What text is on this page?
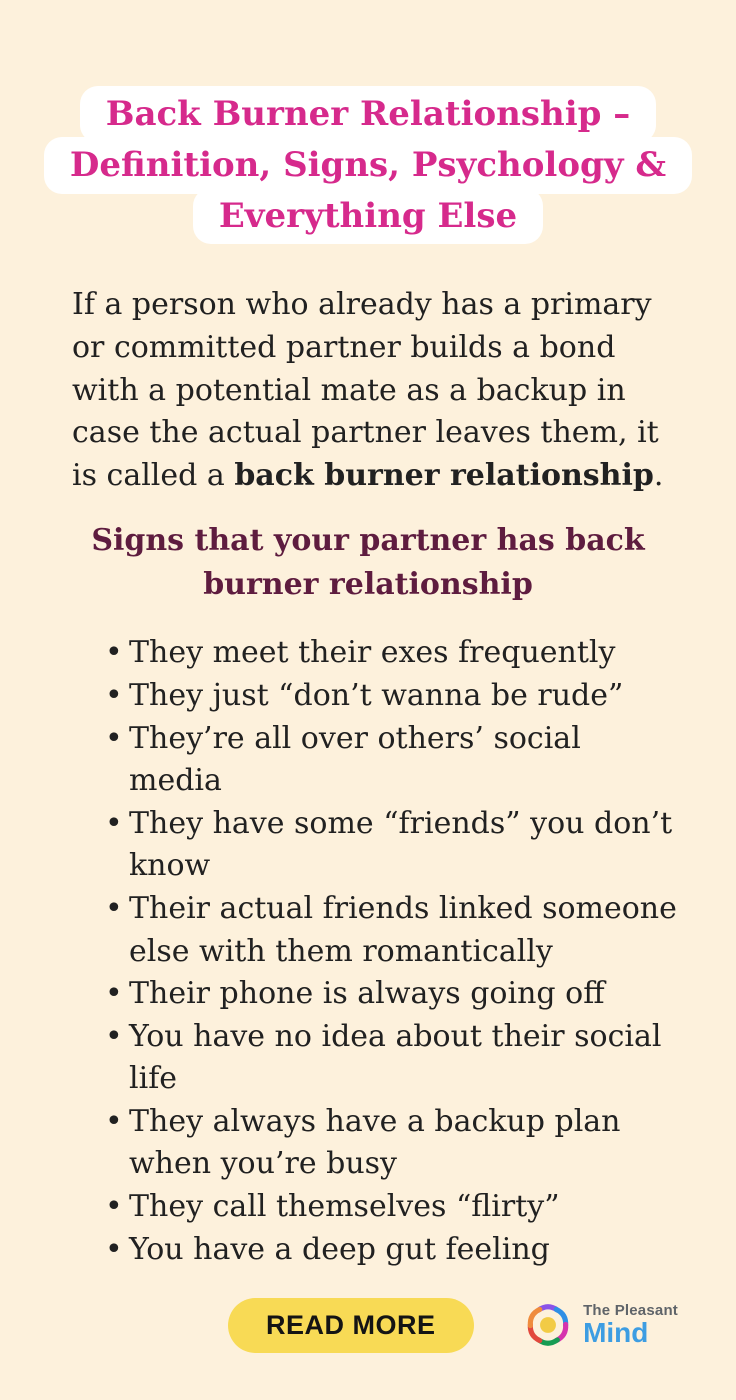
Back Burner Relationship –
Definition, Signs, Psychology &
Everything Else

If a person who already has a primary or committed partner builds a bond with a potential mate as a backup in case the actual partner leaves them, it is called a back burner relationship.

Signs that your partner has back
burner relationship
• They meet their exes frequently
• They just “don’t wanna be rude”
• They’re all over others’ social media
• They have some “friends” you don’t know
• Their actual friends linked someone else with them romantically
• Their phone is always going off
• You have no idea about their social life
• They always have a backup plan when you’re busy
• They call themselves “flirty”
• You have a deep gut feeling
READ MORE	The Pleasant
Mind
